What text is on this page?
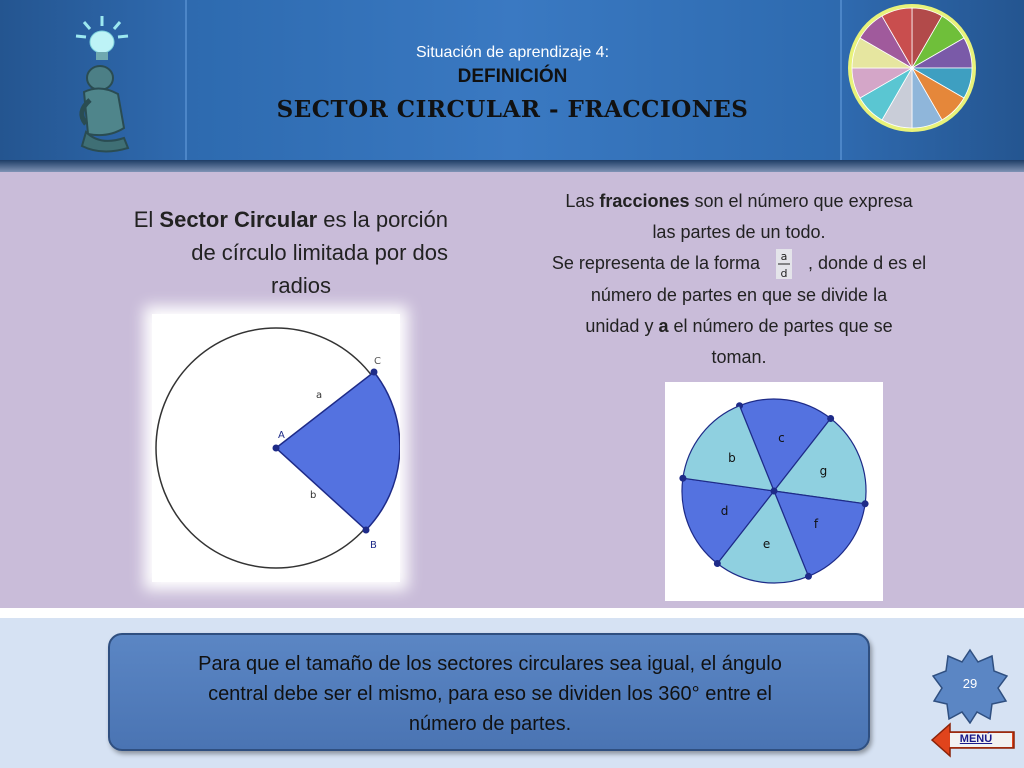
Situación de aprendizaje 4:
DEFINICIÓN
SECTOR CIRCULAR - FRACCIONES
El Sector Circular es la porción
de círculo limitada por dos
radios
A
C
B
a
b
Las fracciones son el número que expresa
las partes de un todo.
Se representa de la forma a
d
, donde d es el
número de partes en que se divide la
unidad y a el número de partes que se
toman.
c
g
f
e
d
b
Para que el tamaño de los sectores circulares sea igual, el ángulo
central debe ser el mismo, para eso se dividen los 360° entre el
número de partes.
29
MENÚ
